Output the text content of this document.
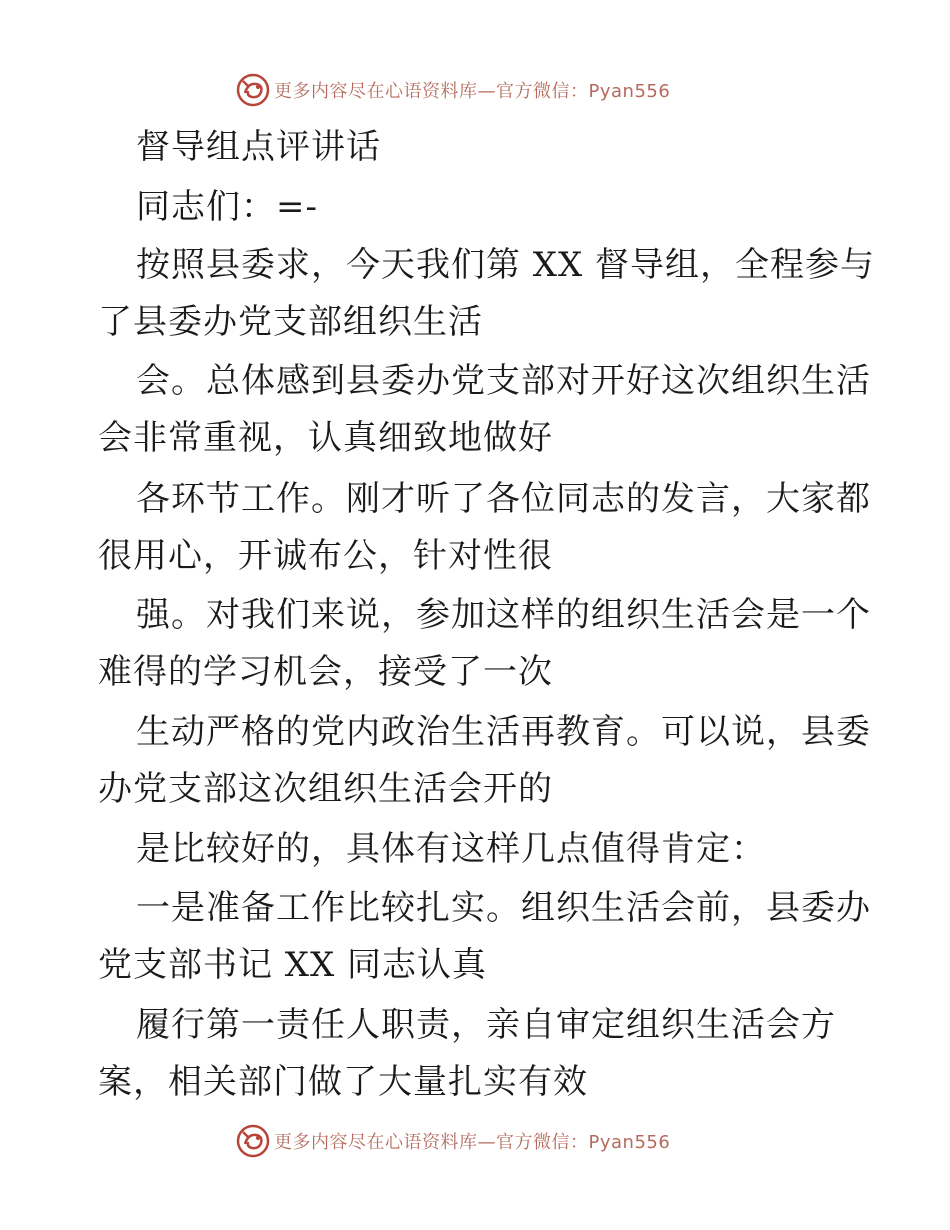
更多内容尽在心语资料库—官方微信：Pyan556
督导组点评讲话
同志们：=-
按照县委求，今天我们第 XX 督导组，全程参与
了县委办党支部组织生活
会。总体感到县委办党支部对开好这次组织生活
会非常重视，认真细致地做好
各环节工作。刚才听了各位同志的发言，大家都
很用心，开诚布公，针对性很
强。对我们来说，参加这样的组织生活会是一个
难得的学习机会，接受了一次
生动严格的党内政治生活再教育。可以说，县委
办党支部这次组织生活会开的
是比较好的，具体有这样几点值得肯定：
一是准备工作比较扎实。组织生活会前，县委办
党支部书记 XX 同志认真
履行第一责任人职责，亲自审定组织生活会方
案，相关部门做了大量扎实有效
更多内容尽在心语资料库—官方微信：Pyan556
